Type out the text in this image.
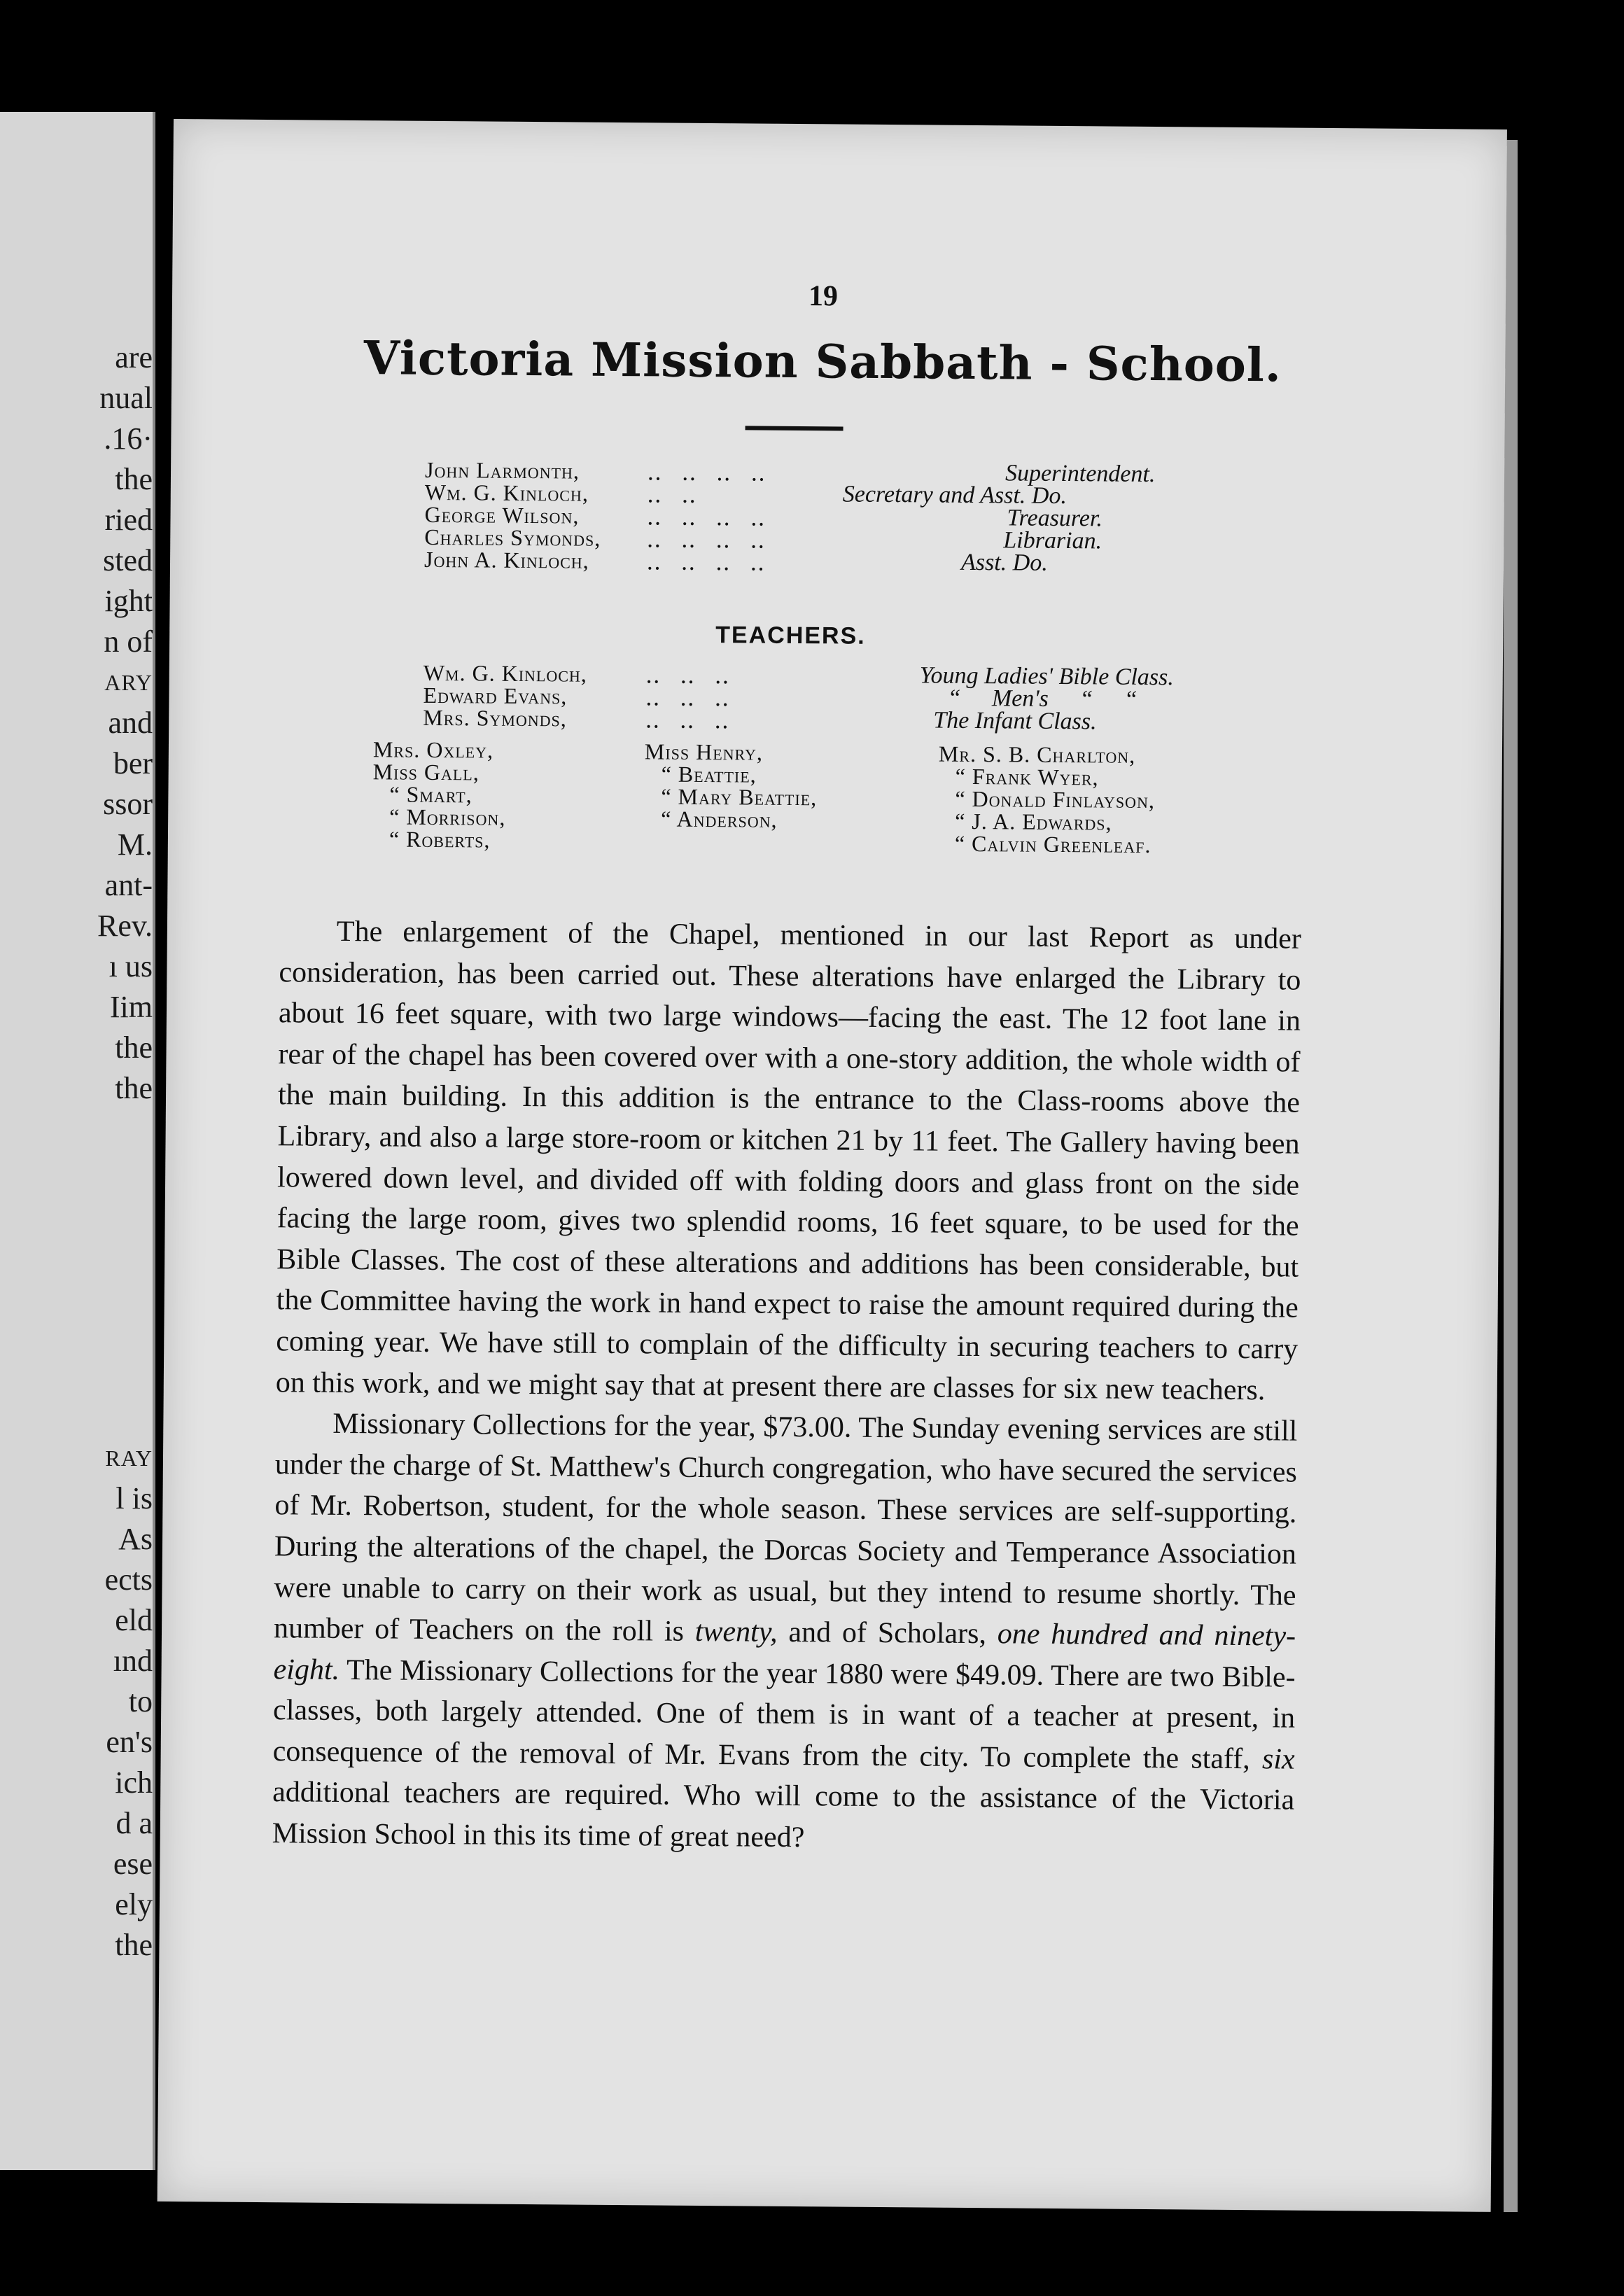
are
nual
.16·
the
ried
sted
ight
n of
ARY
and
ber
ssor
M.
ant-
Rev.
ı us
Iim
the
the
RAY
l is
As
ects
eld
ınd
to
en's
ich
d a
ese
ely
the
19
Victoria Mission Sabbath - School.
John Larmonth,	‥‥‥‥	Superintendent.
Wm. G. Kinloch,	‥‥	Secretary and Asst. Do.
George Wilson,	‥‥‥‥	Treasurer.
Charles Symonds, ‥‥‥‥	Librarian.
John A. Kinloch,	‥‥‥‥	Asst. Do.
TEACHERS.
Wm. G. Kinloch,	‥‥‥	Young Ladies' Bible Class.
Edward Evans,	‥‥‥	“ Men's “ “
Mrs. Symonds,	‥‥‥	The Infant Class.
Mrs. Oxley,
Miss Gall,
“ Smart,
“ Morrison,
“ Roberts,
Miss Henry,
“ Beattie,
“ Mary Beattie,
“ Anderson,
Mr. S. B. Charlton,
“ Frank Wyer,
“ Donald Finlayson,
“ J. A. Edwards,
“ Calvin Greenleaf.

The enlargement of the Chapel, mentioned in our last Report as under consideration, has been carried out. These alterations have enlarged the Library to about 16 feet square, with two large windows—facing the east. The 12 foot lane in rear of the chapel has been covered over with a one-story addition, the whole width of the main building. In this addition is the entrance to the Class-rooms above the Library, and also a large store-room or kitchen 21 by 11 feet. The Gallery having been lowered down level, and divided off with folding doors and glass front on the side facing the large room, gives two splendid rooms, 16 feet square, to be used for the Bible Classes. The cost of these alterations and additions has been considerable, but the Committee having the work in hand expect to raise the amount required during the coming year. We have still to complain of the difficulty in securing teachers to carry on this work, and we might say that at present there are classes for six new teachers.

Missionary Collections for the year, $73.00. The Sunday evening services are still under the charge of St. Matthew's Church congregation, who have secured the services of Mr. Robertson, student, for the whole season. These services are self-supporting. During the alterations of the chapel, the Dorcas Society and Temperance Association were unable to carry on their work as usual, but they intend to resume shortly. The number of Teachers on the roll is twenty, and of Scholars, one hundred and ninety-eight. The Missionary Collections for the year 1880 were $49.09. There are two Bible-classes, both largely attended. One of them is in want of a teacher at present, in consequence of the removal of Mr. Evans from the city. To complete the staff, six additional teachers are required. Who will come to the assistance of the Victoria Mission School in this its time of great need?
